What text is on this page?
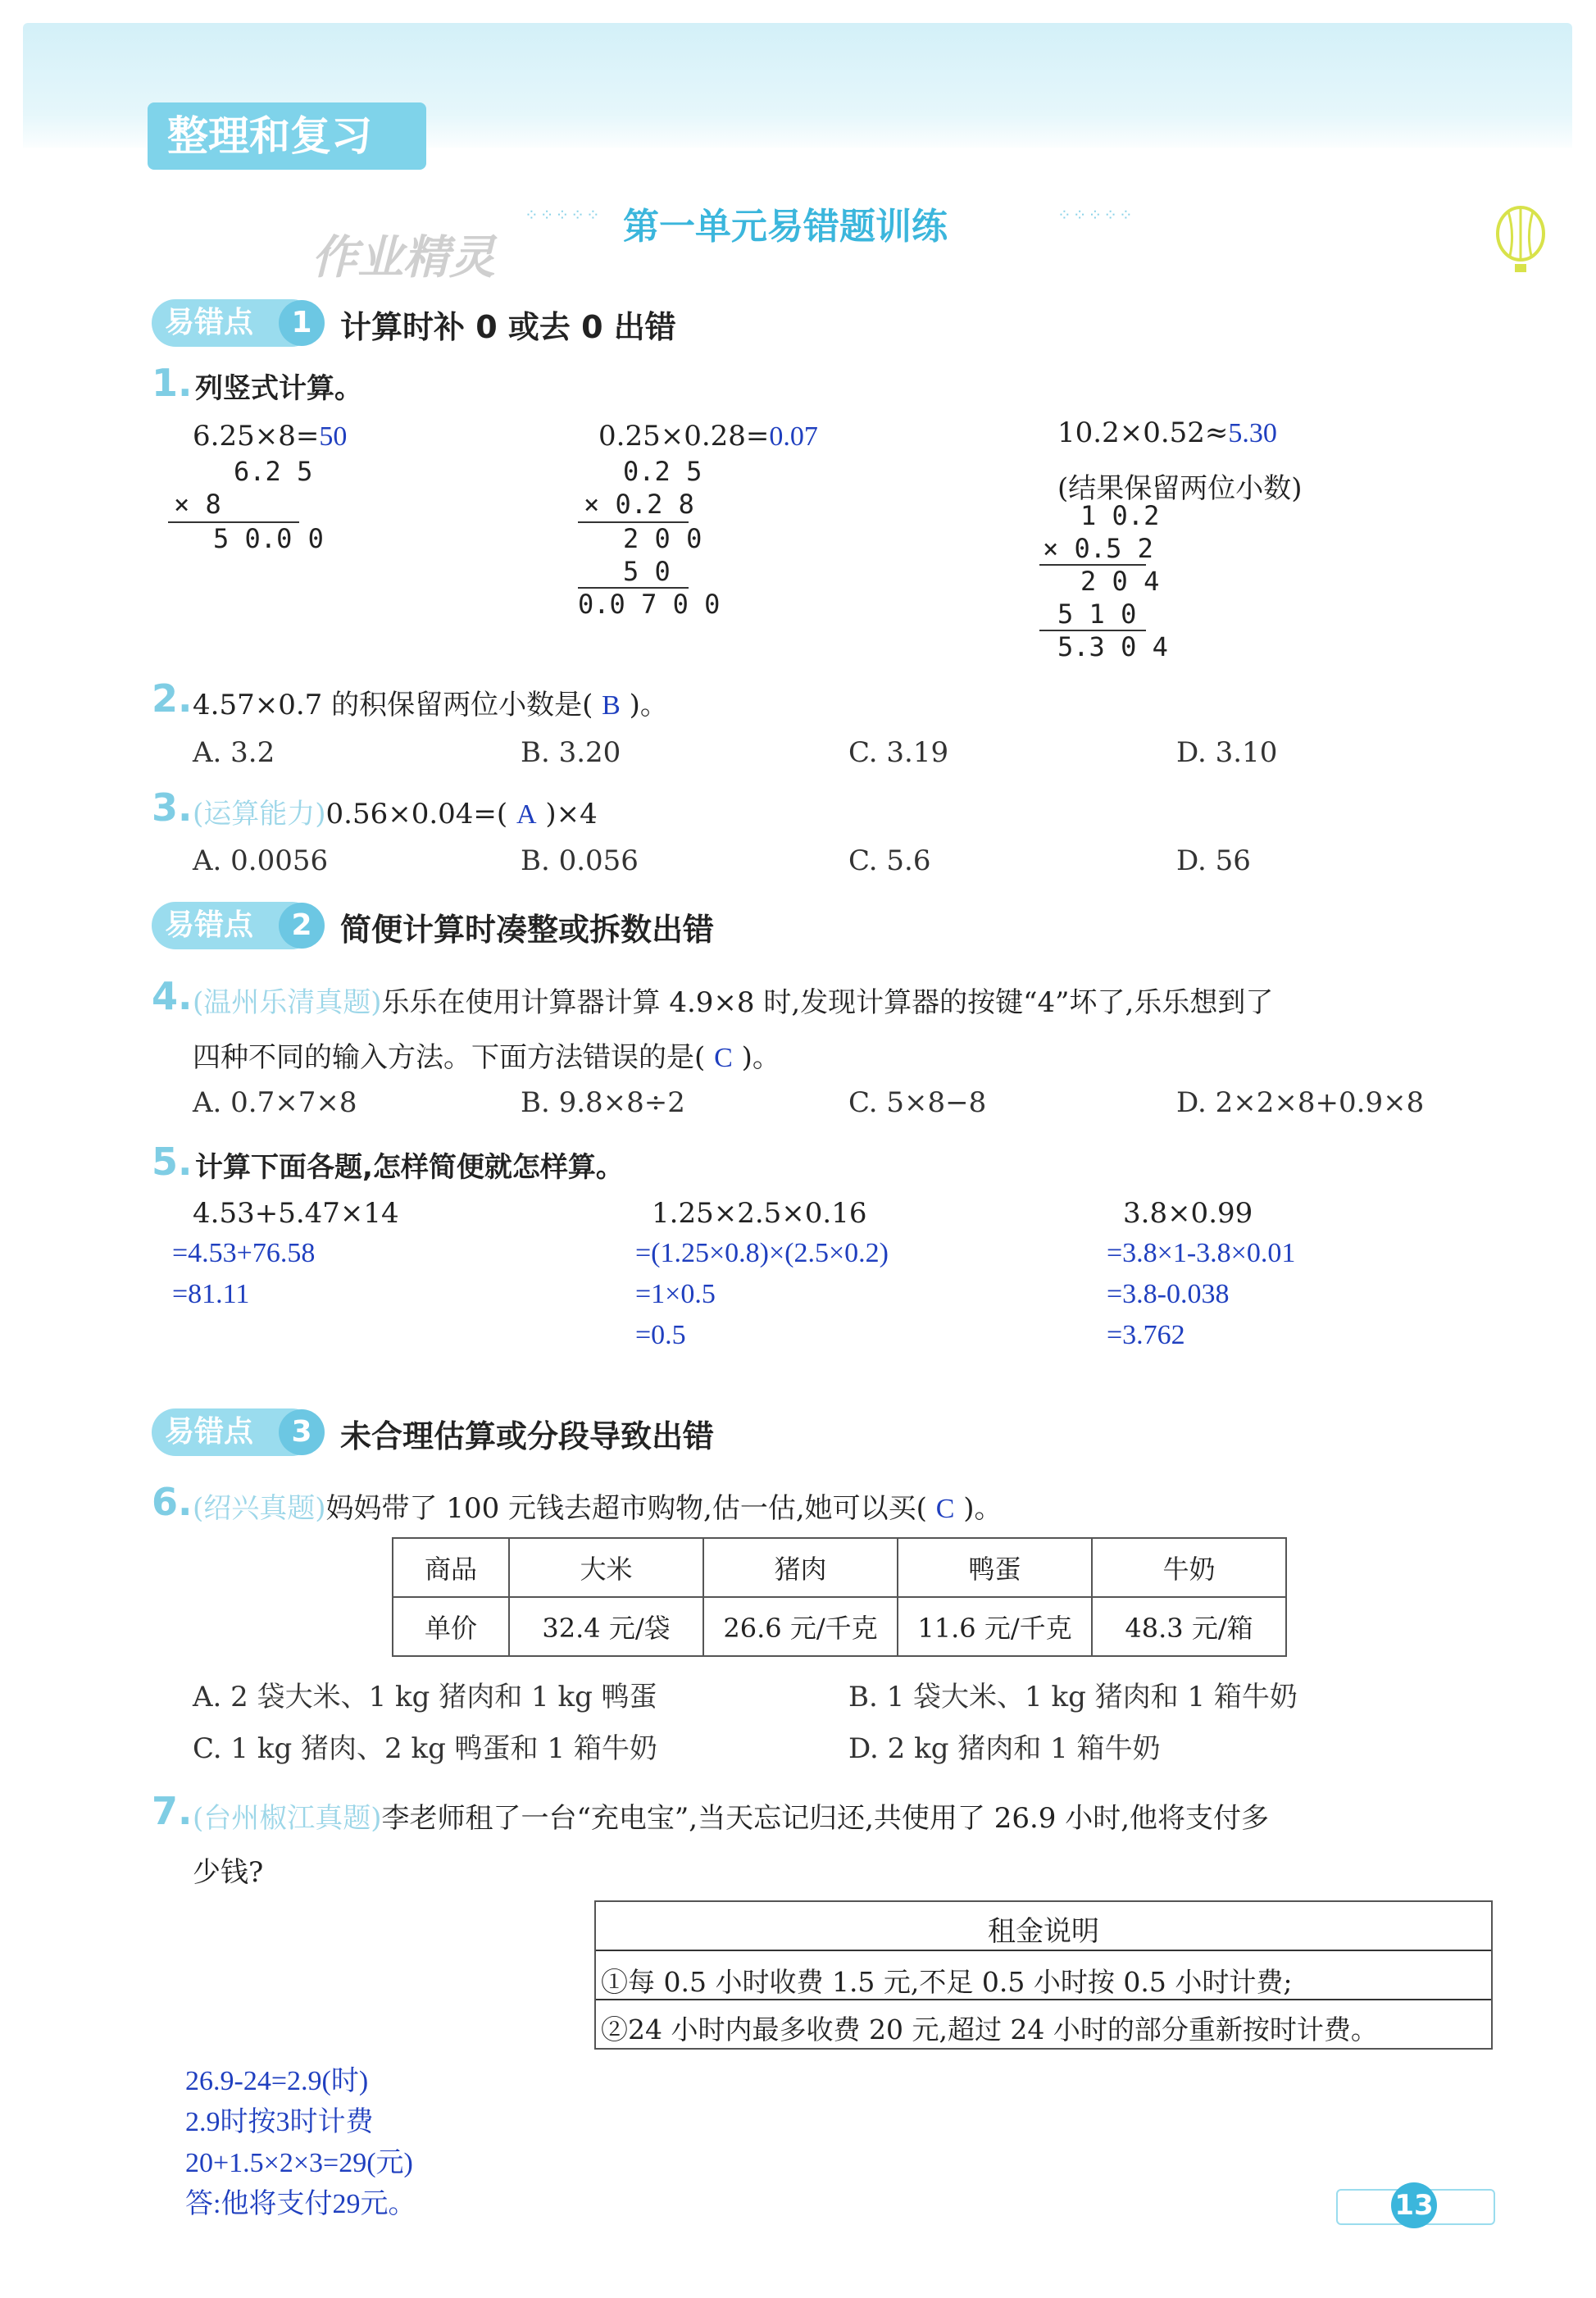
整理和复习
⁘⁘⁘⁘⁘ 第一单元易错题训练	⁘⁘⁘⁘⁘
作业精灵
易错点	1 计算时补 0 或去 0 出错
1. 列竖式计算。
6.25×8=50
6.2 5
× 8
5 0.0 0
0.25×0.28=0.07
0.2 5
× 0.2 8
2 0 0
5 0
0.0 7 0 0
10.2×0.52≈5.30
(结果保留两位小数)
1 0.2
× 0.5 2
2 0 4
5 1 0
5.3 0 4
2. 4.57×0.7 的积保留两位小数是( B )。
A. 3.2	B. 3.20	C. 3.19	D. 3.10
3. (运算能力)0.56×0.04=( A )×4
A. 0.0056	B. 0.056	C. 5.6	D. 56
易错点	2 简便计算时凑整或拆数出错
4. (温州乐清真题)乐乐在使用计算器计算 4.9×8 时,发现计算器的按键“4”坏了,乐乐想到了
四种不同的输入方法。下面方法错误的是( C )。
A. 0.7×7×8	B. 9.8×8÷2	C. 5×8−8	D. 2×2×8+0.9×8
5. 计算下面各题,怎样简便就怎样算。
4.53+5.47×14
=4.53+76.58
=81.11
1.25×2.5×0.16
=(1.25×0.8)×(2.5×0.2)
=1×0.5
=0.5
3.8×0.99
=3.8×1-3.8×0.01
=3.8-0.038
=3.762
易错点	3 未合理估算或分段导致出错
6. (绍兴真题)妈妈带了 100 元钱去超市购物,估一估,她可以买( C )。
商品	大米	猪肉	鸭蛋	牛奶
单价	32.4 元/袋	26.6 元/千克	11.6 元/千克	48.3 元/箱
A. 2 袋大米、1 kg 猪肉和 1 kg 鸭蛋	B. 1 袋大米、1 kg 猪肉和 1 箱牛奶
C. 1 kg 猪肉、2 kg 鸭蛋和 1 箱牛奶	D. 2 kg 猪肉和 1 箱牛奶
7. (台州椒江真题)李老师租了一台“充电宝”,当天忘记归还,共使用了 26.9 小时,他将支付多
少钱?
租金说明
①每 0.5 小时收费 1.5 元,不足 0.5 小时按 0.5 小时计费;
②24 小时内最多收费 20 元,超过 24 小时的部分重新按时计费。
26.9-24=2.9(时)
2.9时按3时计费
20+1.5×2×3=29(元)
答:他将支付29元。	13
